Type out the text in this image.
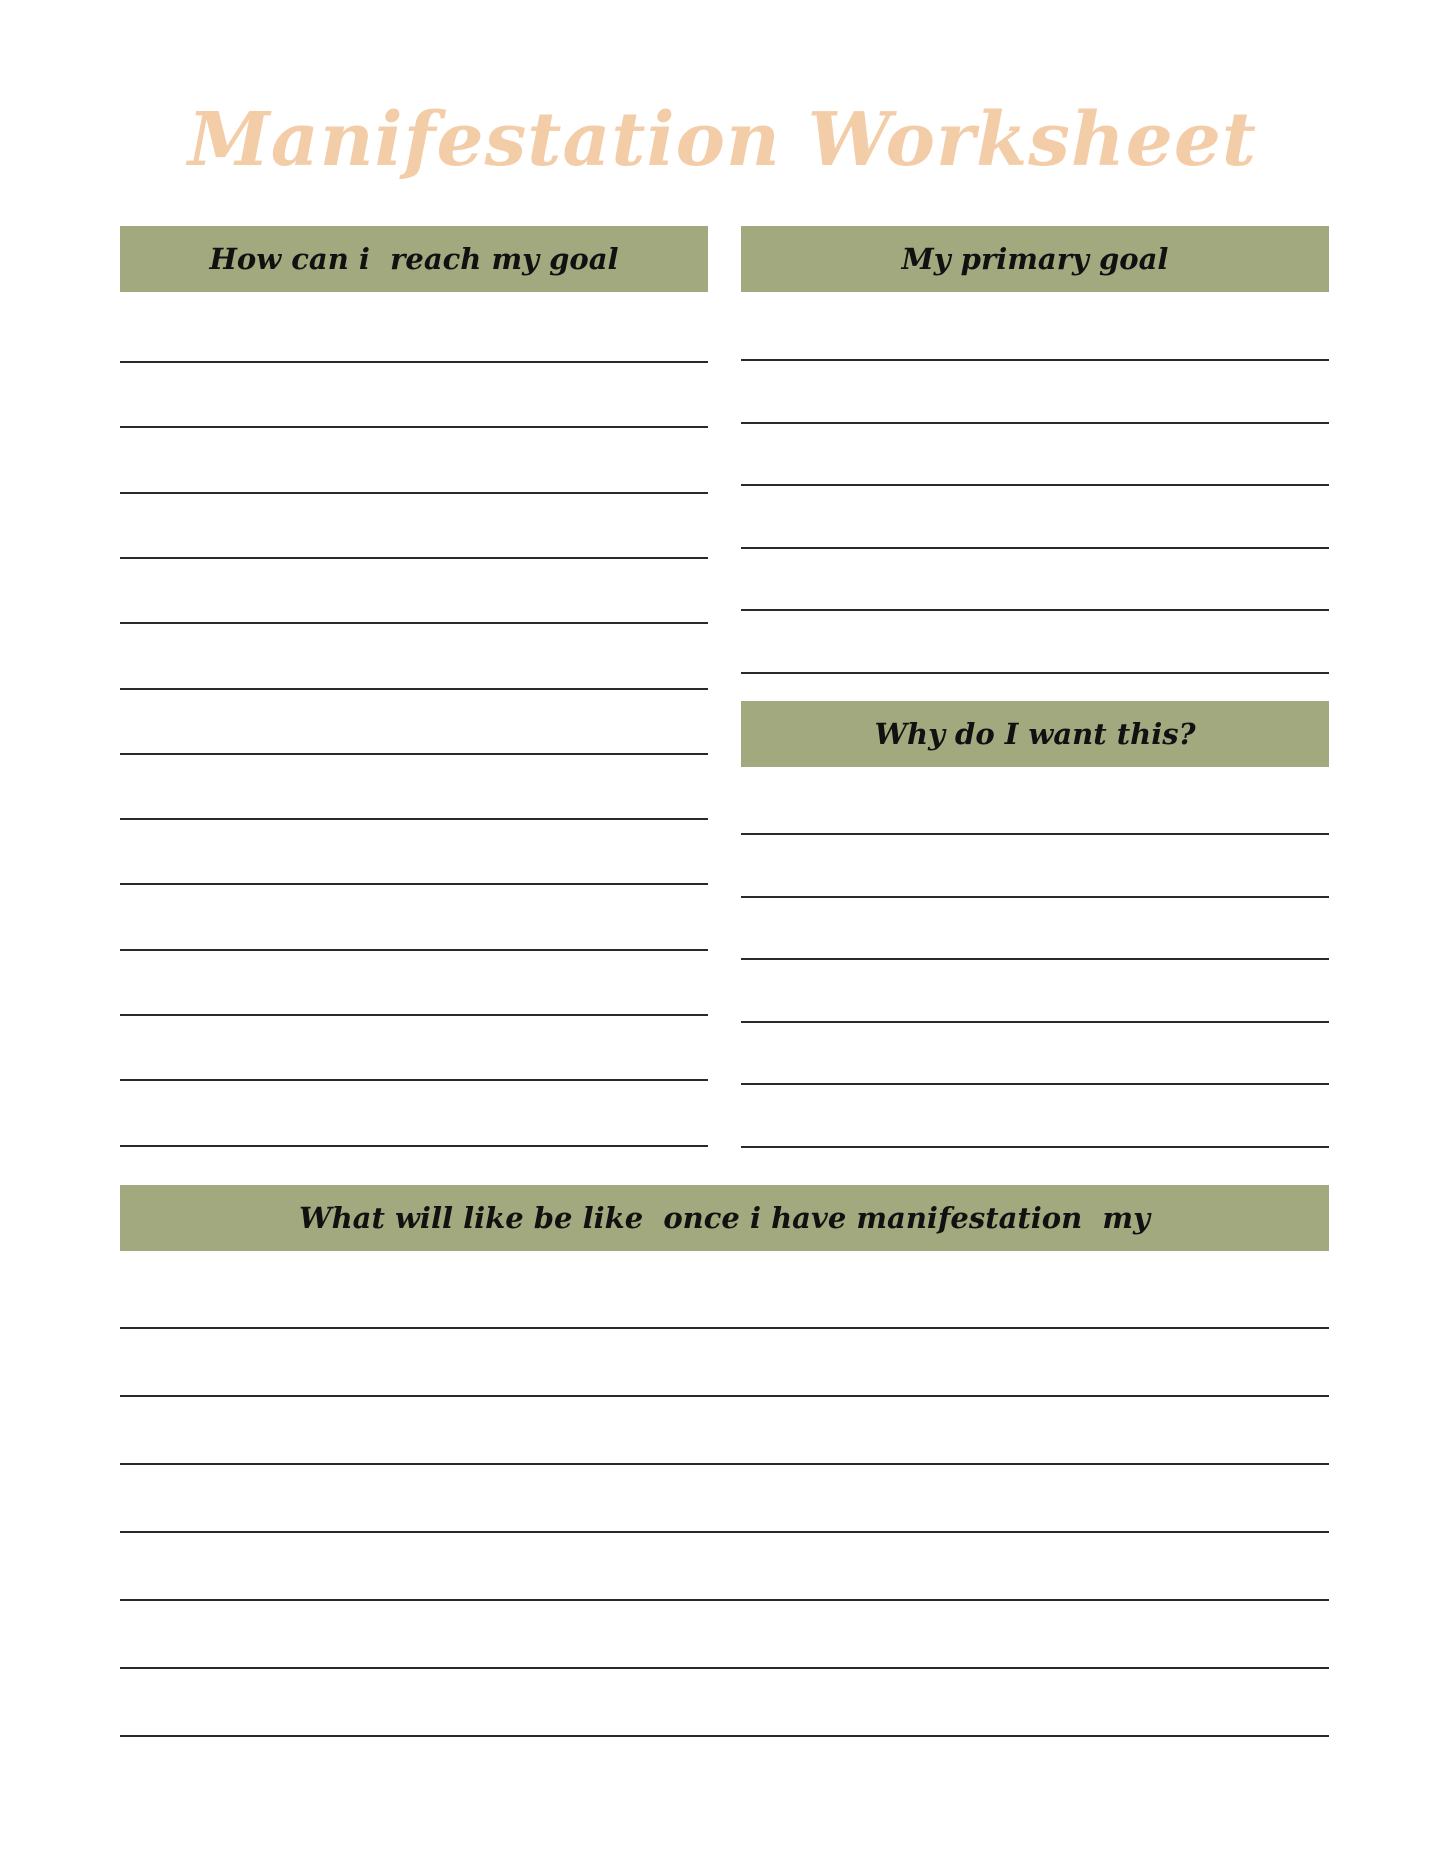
Manifestation Worksheet
How can i  reach my goal	My primary goal
Why do I want this?
What will like be like  once i have manifestation  my
